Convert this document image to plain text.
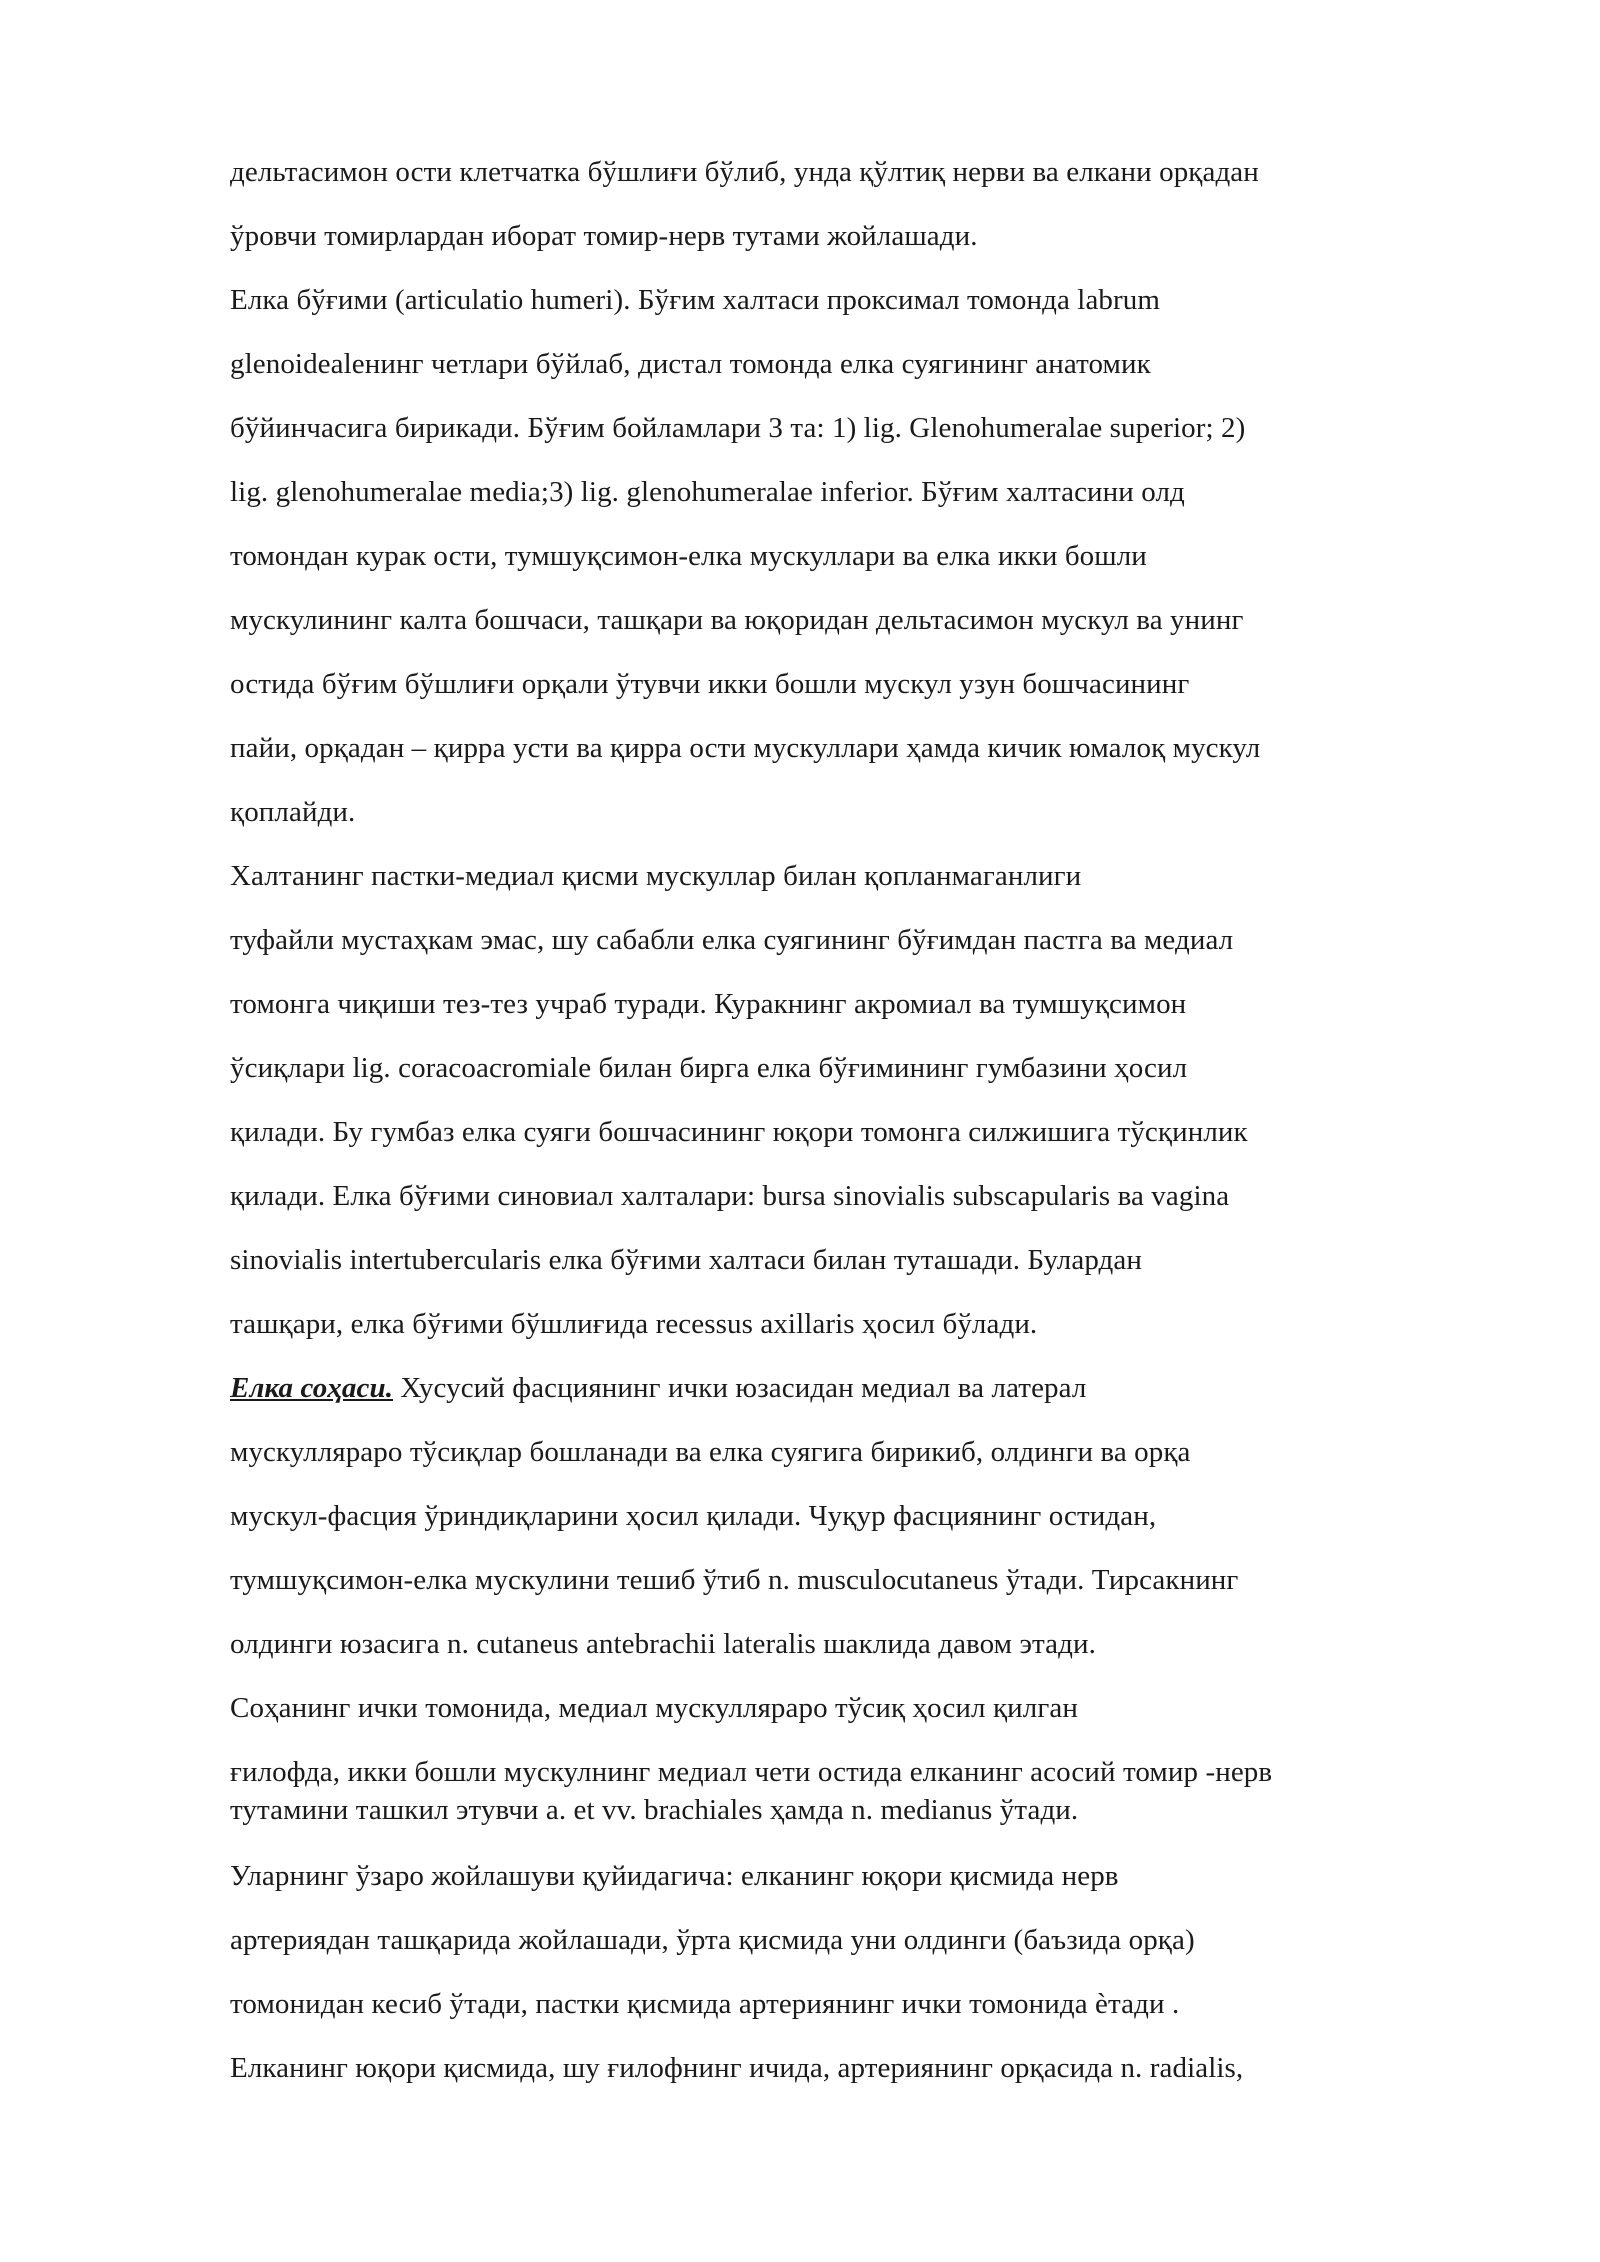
дельтасимон ости клетчатка бўшлиғи бўлиб, унда қўлтиқ нерви ва елкани орқадан
ўровчи томирлардан иборат томир-нерв тутами жойлашади.
Елка бўғими (articulatio humeri). Бўғим халтаси проксимал томонда labrum
glenoidealенинг четлари бўйлаб, дистал томонда елка суягининг анатомик
бўйинчасига бирикади. Бўғим бойламлари 3 та: 1) lig. Glenohumeralae superior; 2)
lig. glenohumeralae media;3) lig. glenohumeralae inferior. Бўғим халтасини олд
томондан курак ости, тумшуқсимон-елка мускуллари ва елка икки бошли
мускулининг калта бошчаси, ташқари ва юқоридан дельтасимон мускул ва унинг
остида бўғим бўшлиғи орқали ўтувчи икки бошли мускул узун бошчасининг
пайи, орқадан – қирра усти ва қирра ости мускуллари ҳамда кичик юмалоқ мускул
қоплайди.
Халтанинг пастки-медиал қисми мускуллар билан қопланмаганлиги
туфайли мустаҳкам эмас, шу сабабли елка суягининг бўғимдан пастга ва медиал
томонга чиқиши тез-тез учраб туради. Куракнинг акромиал ва тумшуқсимон
ўсиқлари lig. coracoacromiale билан бирга елка бўғимининг гумбазини ҳосил
қилади. Бу гумбаз елка суяги бошчасининг юқори томонга силжишига тўсқинлик
қилади. Елка бўғими синовиал халталари: bursa sinovialis subscapularis ва vagina
sinovialis intertubercularis елка бўғими халтаси билан туташади. Булардан
ташқари, елка бўғими бўшлиғида recessus axillaris ҳосил бўлади.
Елка соҳаси. Хусусий фасциянинг ички юзасидан медиал ва латерал
мускулляраро тўсиқлар бошланади ва елка суягига бирикиб, олдинги ва орқа
мускул-фасция ўриндиқларини ҳосил қилади. Чуқур фасциянинг остидан,
тумшуқсимон-елка мускулини тешиб ўтиб n. musculocutaneus ўтади. Тирсакнинг
олдинги юзасига n. cutaneus antebrachii lateralis шаклида давом этади.
Соҳанинг ички томонида, медиал мускулляраро тўсиқ ҳосил қилган
ғилофда, икки бошли мускулнинг медиал чети остида елканинг асосий томир -нерв
тутамини ташкил этувчи a. et vv. brachiales ҳамда n. medianus ўтади.
Уларнинг ўзаро жойлашуви қуйидагича: елканинг юқори қисмида нерв
артериядан ташқарида жойлашади, ўрта қисмида уни олдинги (баъзида орқа)
томонидан кесиб ўтади, пастки қисмида артериянинг ички томонида ѐтади .
Елканинг юқори қисмида, шу ғилофнинг ичида, артериянинг орқасида n. radialis,
